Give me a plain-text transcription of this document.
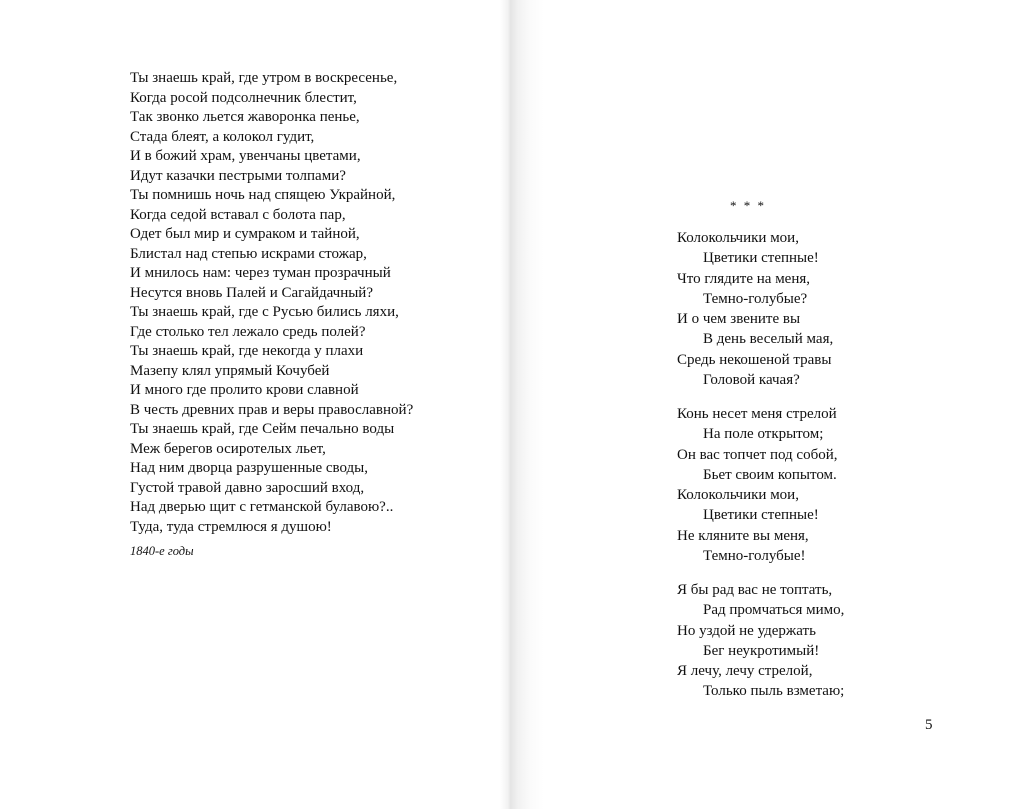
Ты знаешь край, где утром в воскресенье,
Когда росой подсолнечник блестит,
Так звонко льется жаворонка пенье,
Стада блеят, а колокол гудит,
И в божий храм, увенчаны цветами,
Идут казачки пестрыми толпами?
Ты помнишь ночь над спящею Украйной,
Когда седой вставал с болота пар,
Одет был мир и сумраком и тайной,
Блистал над степью искрами стожар,
И мнилось нам: через туман прозрачный
Несутся вновь Палей и Сагайдачный?
Ты знаешь край, где с Русью бились ляхи,
Где столько тел лежало средь полей?
Ты знаешь край, где некогда у плахи
Мазепу клял упрямый Кочубей
И много где пролито крови славной
В честь древних прав и веры православной?
Ты знаешь край, где Сейм печально воды
Меж берегов осиротелых льет,
Над ним дворца разрушенные своды,
Густой травой давно заросший вход,
Над дверью щит с гетманской булавою?..
Туда, туда стремлюся я душою!
1840-е годы
* * *
Колокольчики мои,
Цветики степные!
Что глядите на меня,
Темно-голубые?
И о чем звените вы
В день веселый мая,
Средь некошеной травы
Головой качая?
Конь несет меня стрелой
На поле открытом;
Он вас топчет под собой,
Бьет своим копытом.
Колокольчики мои,
Цветики степные!
Не кляните вы меня,
Темно-голубые!
Я бы рад вас не топтать,
Рад промчаться мимо,
Но уздой не удержать
Бег неукротимый!
Я лечу, лечу стрелой,
Только пыль взметаю;
5
